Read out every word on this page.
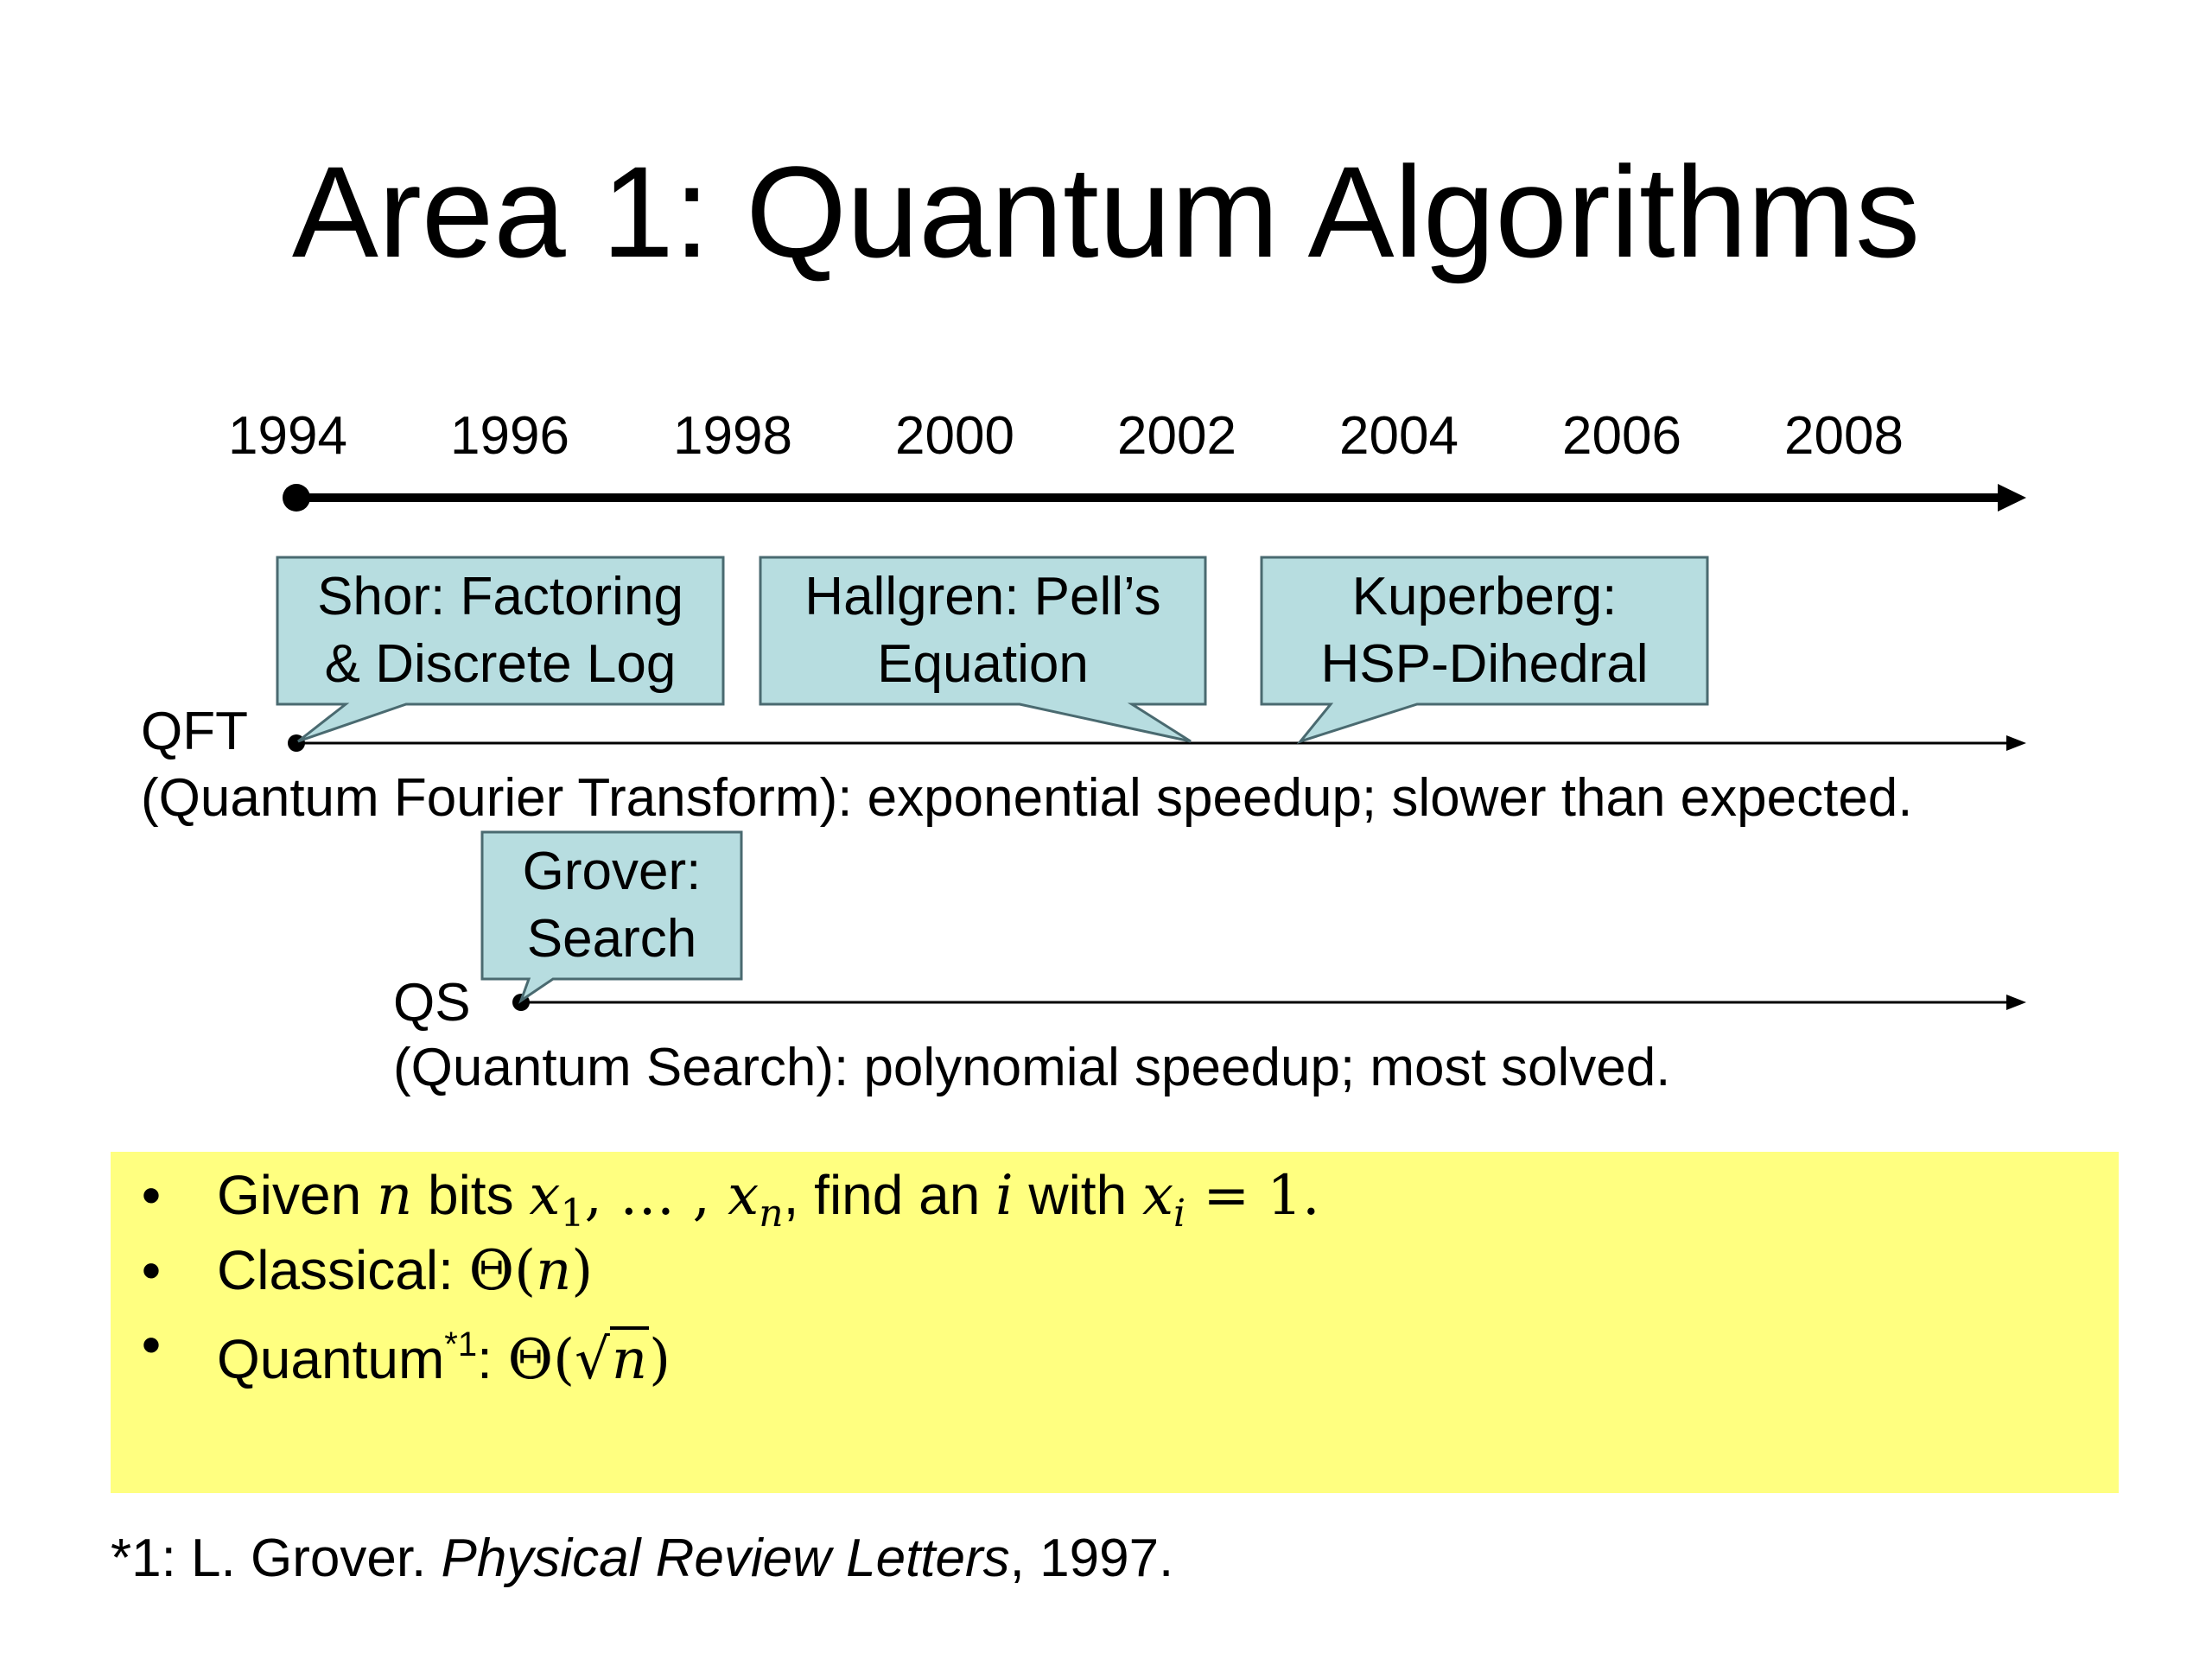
Area 1: Quantum Algorithms
1994	1996	1998	2000	2002	2004	2006	2008
Shor: Factoring
& Discrete Log
Hallgren: Pell’s
Equation
Kuperberg:
HSP-Dihedral
Grover:
Search
QFT
(Quantum Fourier Transform): exponential speedup; slower than expected.
QS
(Quantum Search): polynomial speedup; most solved.
• Given n bits $x_1$, … , $x_n$, find an i with $x_i = 1$.
• Classical: Θ(n)
• Quantum$^{*1}$: Θ(√n)
*1: L. Grover. Physical Review Letters, 1997.
